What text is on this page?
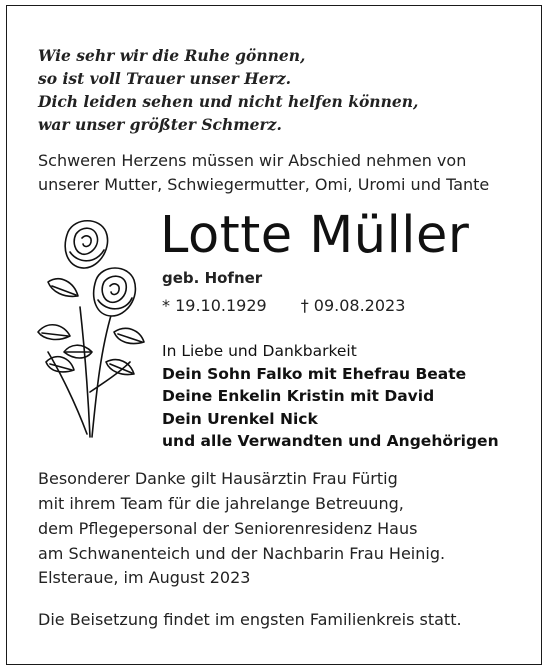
Wie sehr wir die Ruhe gönnen,
so ist voll Trauer unser Herz.
Dich leiden sehen und nicht helfen können,
war unser größter Schmerz.
Schweren Herzens müssen wir Abschied nehmen von
unserer Mutter, Schwiegermutter, Omi, Uromi und Tante
Lotte Müller
geb. Hofner
* 19.10.1929 † 09.08.2023
In Liebe und Dankbarkeit
Dein Sohn Falko mit Ehefrau Beate
Deine Enkelin Kristin mit David
Dein Urenkel Nick
und alle Verwandten und Angehörigen
Besonderer Danke gilt Hausärztin Frau Fürtig
mit ihrem Team für die jahrelange Betreuung,
dem Pflegepersonal der Seniorenresidenz Haus
am Schwanenteich und der Nachbarin Frau Heinig.
Elsteraue, im August 2023
Die Beisetzung findet im engsten Familienkreis statt.
